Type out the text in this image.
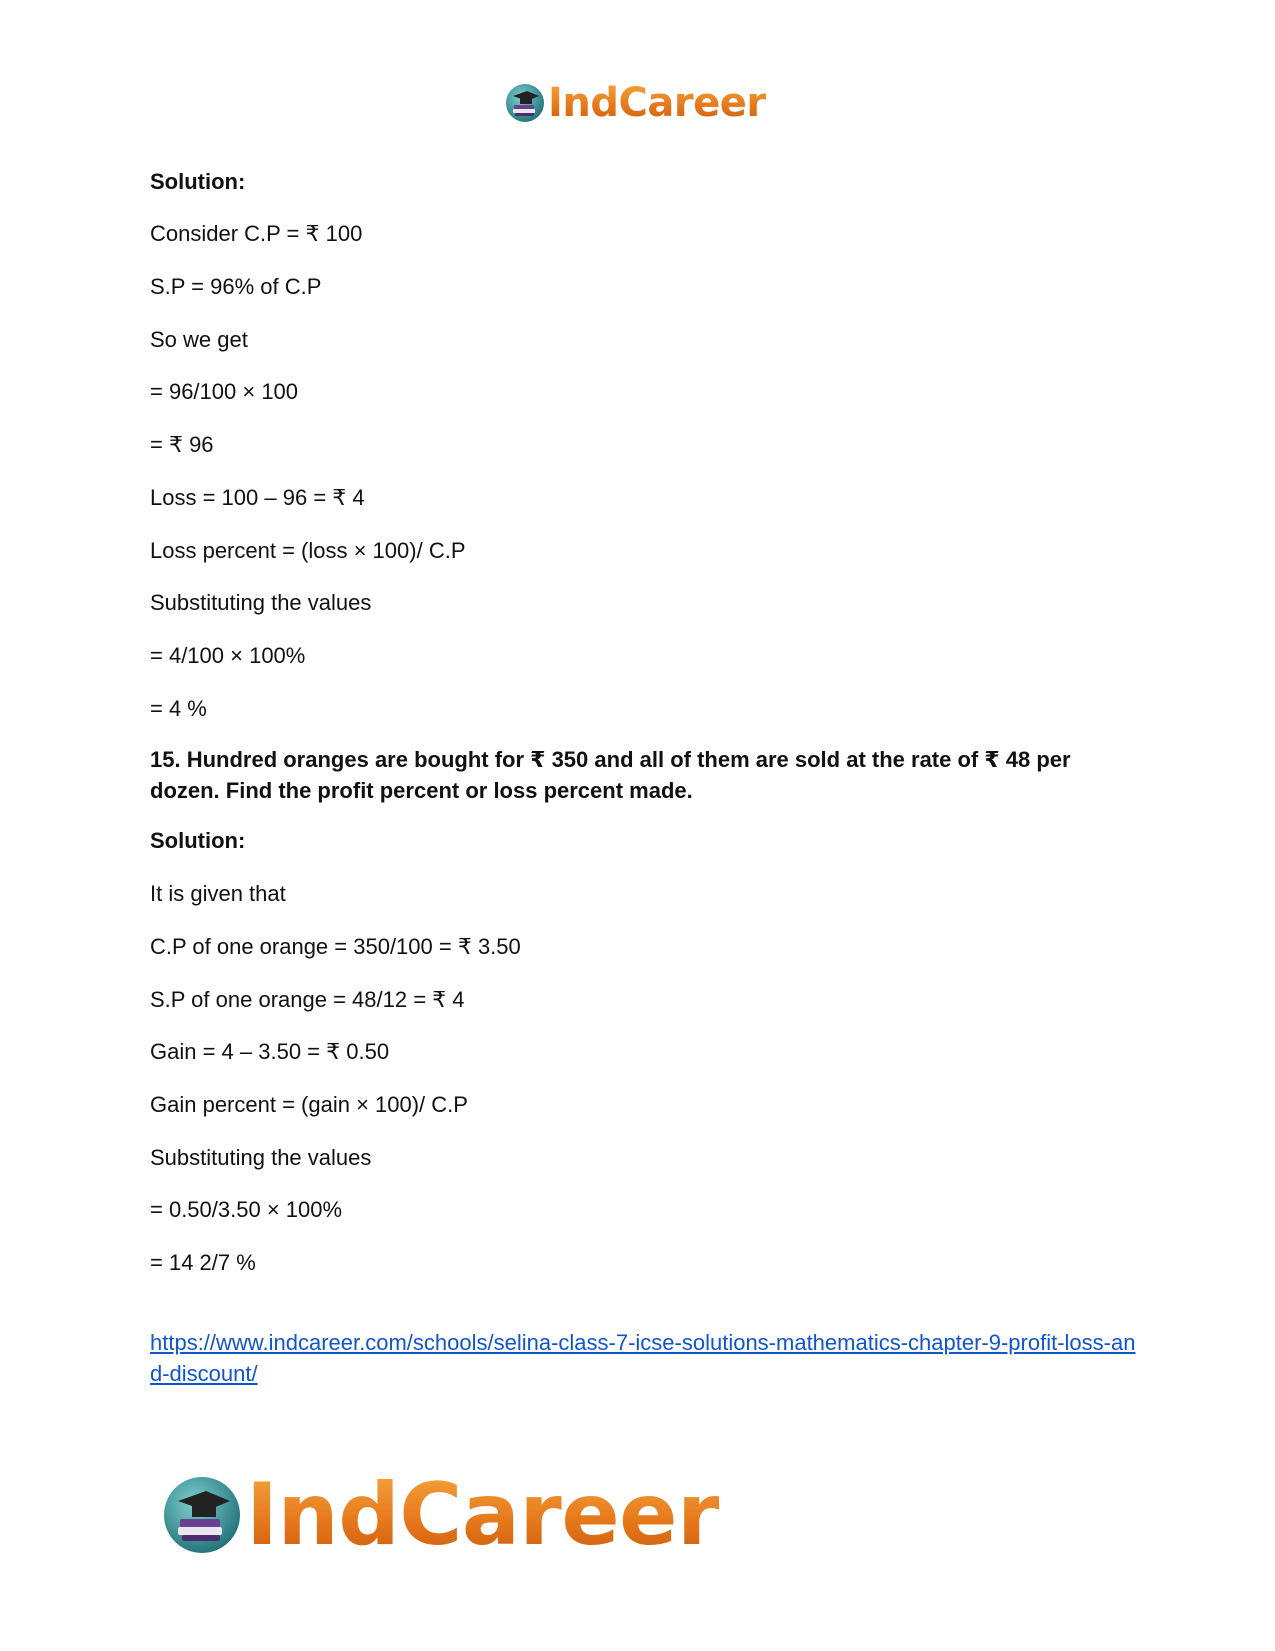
IndCareer
Solution:
Consider C.P = ₹ 100
S.P = 96% of C.P
So we get
= 96/100 × 100
= ₹ 96
Loss = 100 – 96 = ₹ 4
Loss percent = (loss × 100)/ C.P
Substituting the values
= 4/100 × 100%
= 4 %
15. Hundred oranges are bought for ₹ 350 and all of them are sold at the rate of ₹ 48 per dozen. Find the profit percent or loss percent made.
Solution:
It is given that
C.P of one orange = 350/100 = ₹ 3.50
S.P of one orange = 48/12 = ₹ 4
Gain = 4 – 3.50 = ₹ 0.50
Gain percent = (gain × 100)/ C.P
Substituting the values
= 0.50/3.50 × 100%
= 14 2/7 %
https://www.indcareer.com/schools/selina-class-7-icse-solutions-mathematics-chapter-9-profit-loss-and-discount/
IndCareer
